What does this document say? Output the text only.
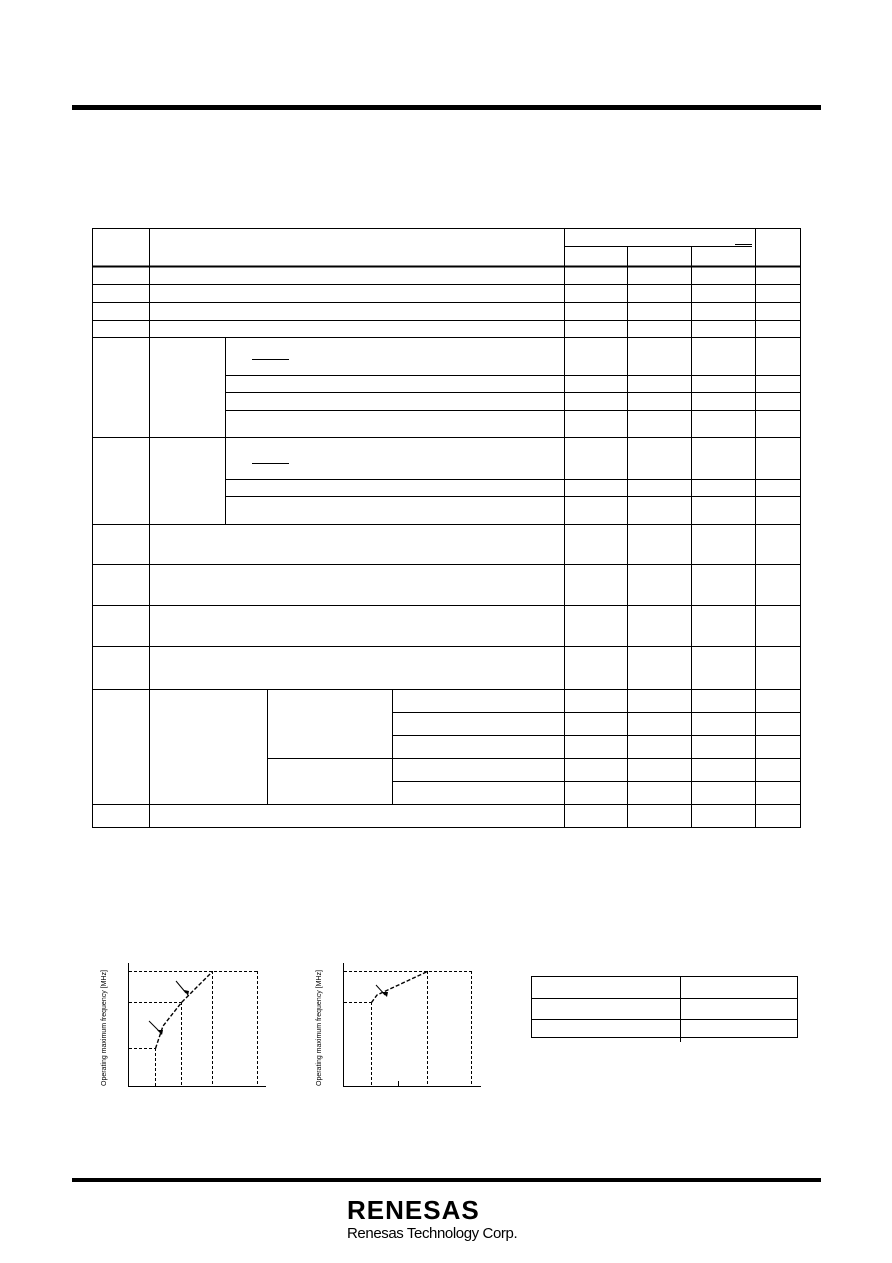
Operating maximum frequency [MHz]	Operating maximum frequency [MHz]
RENESAS
Renesas Technology Corp.
